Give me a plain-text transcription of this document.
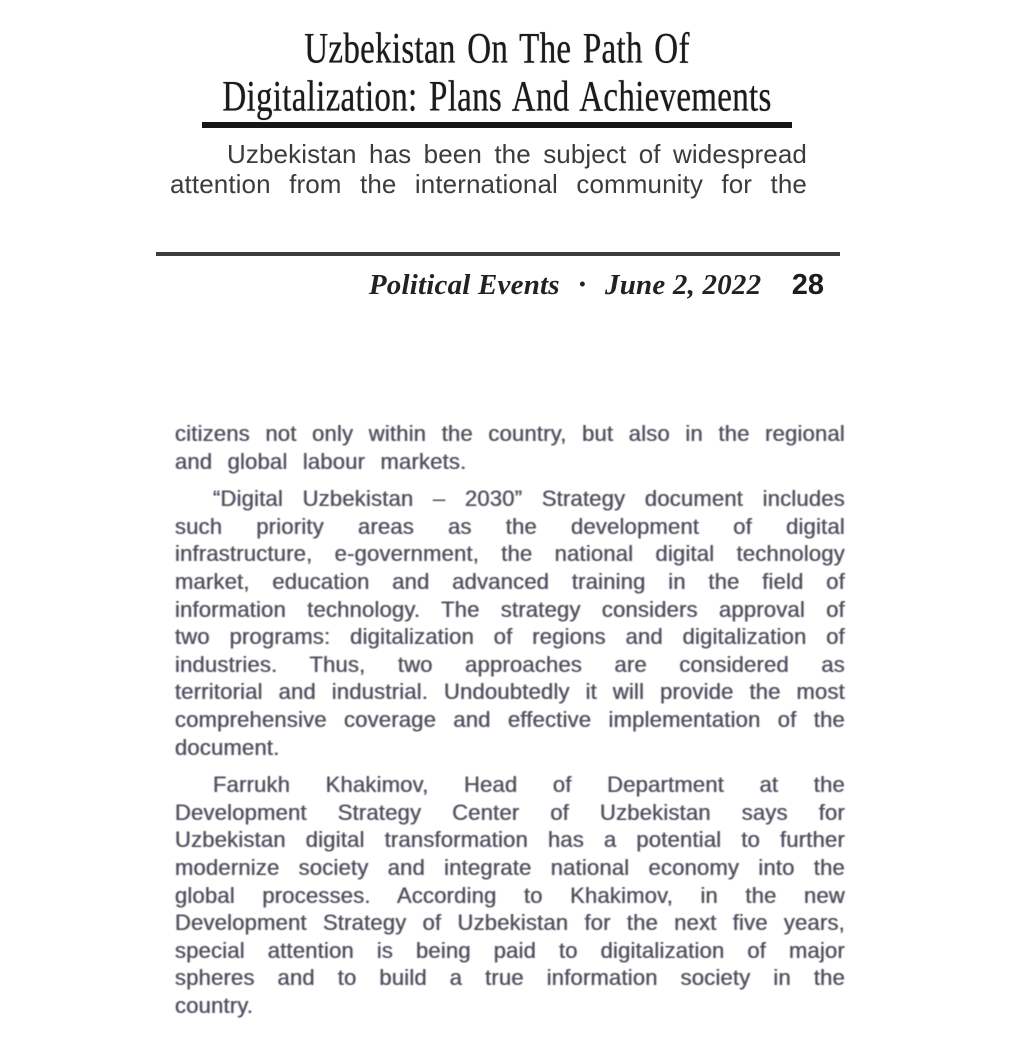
Uzbekistan On The Path Of
Digitalization: Plans And Achievements

Uzbekistan has been the subject of widespread attention from the international community for the

Political Events • June 2, 2022 28

citizens not only within the country, but also in the regional and global labour markets.

“Digital Uzbekistan – 2030” Strategy document includes such priority areas as the development of digital infrastructure, e-government, the national digital technology market, education and advanced training in the field of information technology. The strategy considers approval of two programs: digitalization of regions and digitalization of industries. Thus, two approaches are considered as territorial and industrial. Undoubtedly it will provide the most comprehensive coverage and effective implementation of the document.

Farrukh Khakimov, Head of Department at the Development Strategy Center of Uzbekistan says for Uzbekistan digital transformation has a potential to further modernize society and integrate national economy into the global processes. According to Khakimov, in the new Development Strategy of Uzbekistan for the next five years, special attention is being paid to digitalization of major spheres and to build a true information society in the country.
